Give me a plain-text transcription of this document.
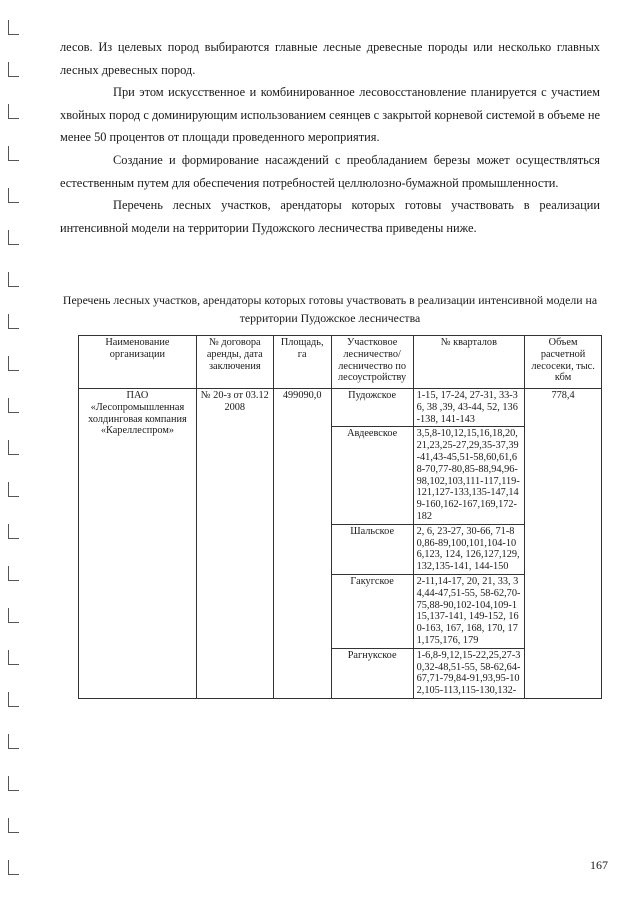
лесов. Из целевых пород выбираются главные лесные древесные породы или несколько главных лесных древесных пород.

При этом искусственное и комбинированное лесовосстановление планируется с участием хвойных пород с доминирующим использованием сеянцев с закрытой корневой системой в объеме не менее 50 процентов от площади проведенного мероприятия.

Создание и формирование насаждений с преобладанием березы может осуществляться естественным путем для обеспечения потребностей целлюлозно-бумажной промышленности.

Перечень лесных участков, арендаторы которых готовы участвовать в реализации интенсивной модели на территории Пудожского лесничества приведены ниже.

Перечень лесных участков, арендаторы которых готовы участвовать в реализации интенсивной модели на территории Пудожское лесничества
Наименование организации	№ договора аренды, дата заключения	Площадь, га	Участковое лесничество/ лесничество по лесоустройству	№ кварталов	Объем расчетной лесосеки, тыс. кбм
ПАО «Лесопромышленная холдинговая компания «Кареллеспром»	№ 20-з от 03.12 2008	499090,0	Пудожское	1-15, 17-24, 27-31, 33-36, 38 ,39, 43-44, 52, 136-138, 141-143	778,4
			Авдеевское	3,5,8-10,12,15,16,18,20,21,23,25-27,29,35-37,39-41,43-45,51-58,60,61,68-70,77-80,85-88,94,96-98,102,103,111-117,119-121,127-133,135-147,149-160,162-167,169,172-182	
			Шальское	2, 6, 23-27, 30-66, 71-80,86-89,100,101,104-106,123, 124, 126,127,129,132,135-141, 144-150	
			Гакугское	2-11,14-17, 20, 21, 33, 34,44-47,51-55, 58-62,70-75,88-90,102-104,109-115,137-141, 149-152, 160-163, 167, 168, 170, 171,175,176, 179	
			Рагнукское	1-6,8-9,12,15-22,25,27-30,32-48,51-55, 58-62,64-67,71-79,84-91,93,95-102,105-113,115-130,132-	
167
